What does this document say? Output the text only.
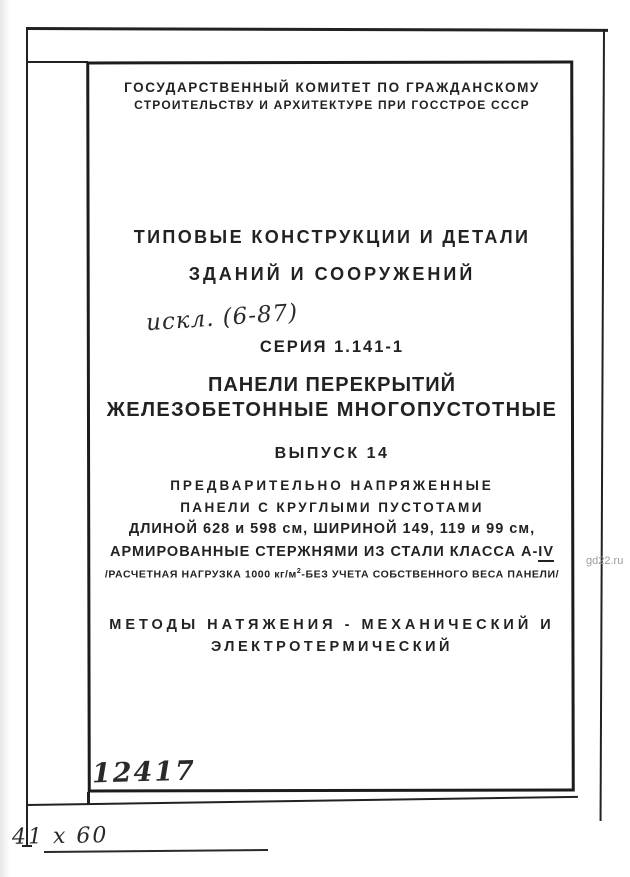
ГОСУДАРСТВЕННЫЙ КОМИТЕТ ПО ГРАЖДАНСКОМУ
СТРОИТЕЛЬСТВУ И АРХИТЕКТУРЕ ПРИ ГОССТРОЕ СССР
ТИПОВЫЕ КОНСТРУКЦИИ И ДЕТАЛИ
ЗДАНИЙ И СООРУЖЕНИЙ
искл. (6-87)
СЕРИЯ 1.141-1
ПАНЕЛИ ПЕРЕКРЫТИЙ
ЖЕЛЕЗОБЕТОННЫЕ МНОГОПУСТОТНЫЕ
ВЫПУСК 14
ПРЕДВАРИТЕЛЬНО НАПРЯЖЕННЫЕ
ПАНЕЛИ С КРУГЛЫМИ ПУСТОТАМИ
ДЛИНОЙ 628 и 598 см, ШИРИНОЙ 149, 119 и 99 см,
АРМИРОВАННЫЕ СТЕРЖНЯМИ ИЗ СТАЛИ КЛАССА А-IV
/РАСЧЕТНАЯ НАГРУЗКА 1000 $кг/м^2$-БЕЗ УЧЕТА СОБСТВЕННОГО ВЕСА ПАНЕЛИ/
МЕТОДЫ НАТЯЖЕНИЯ - МЕХАНИЧЕСКИЙ И
ЭЛЕКТРОТЕРМИЧЕСКИЙ
12417
41 х 60
gd22.ru
